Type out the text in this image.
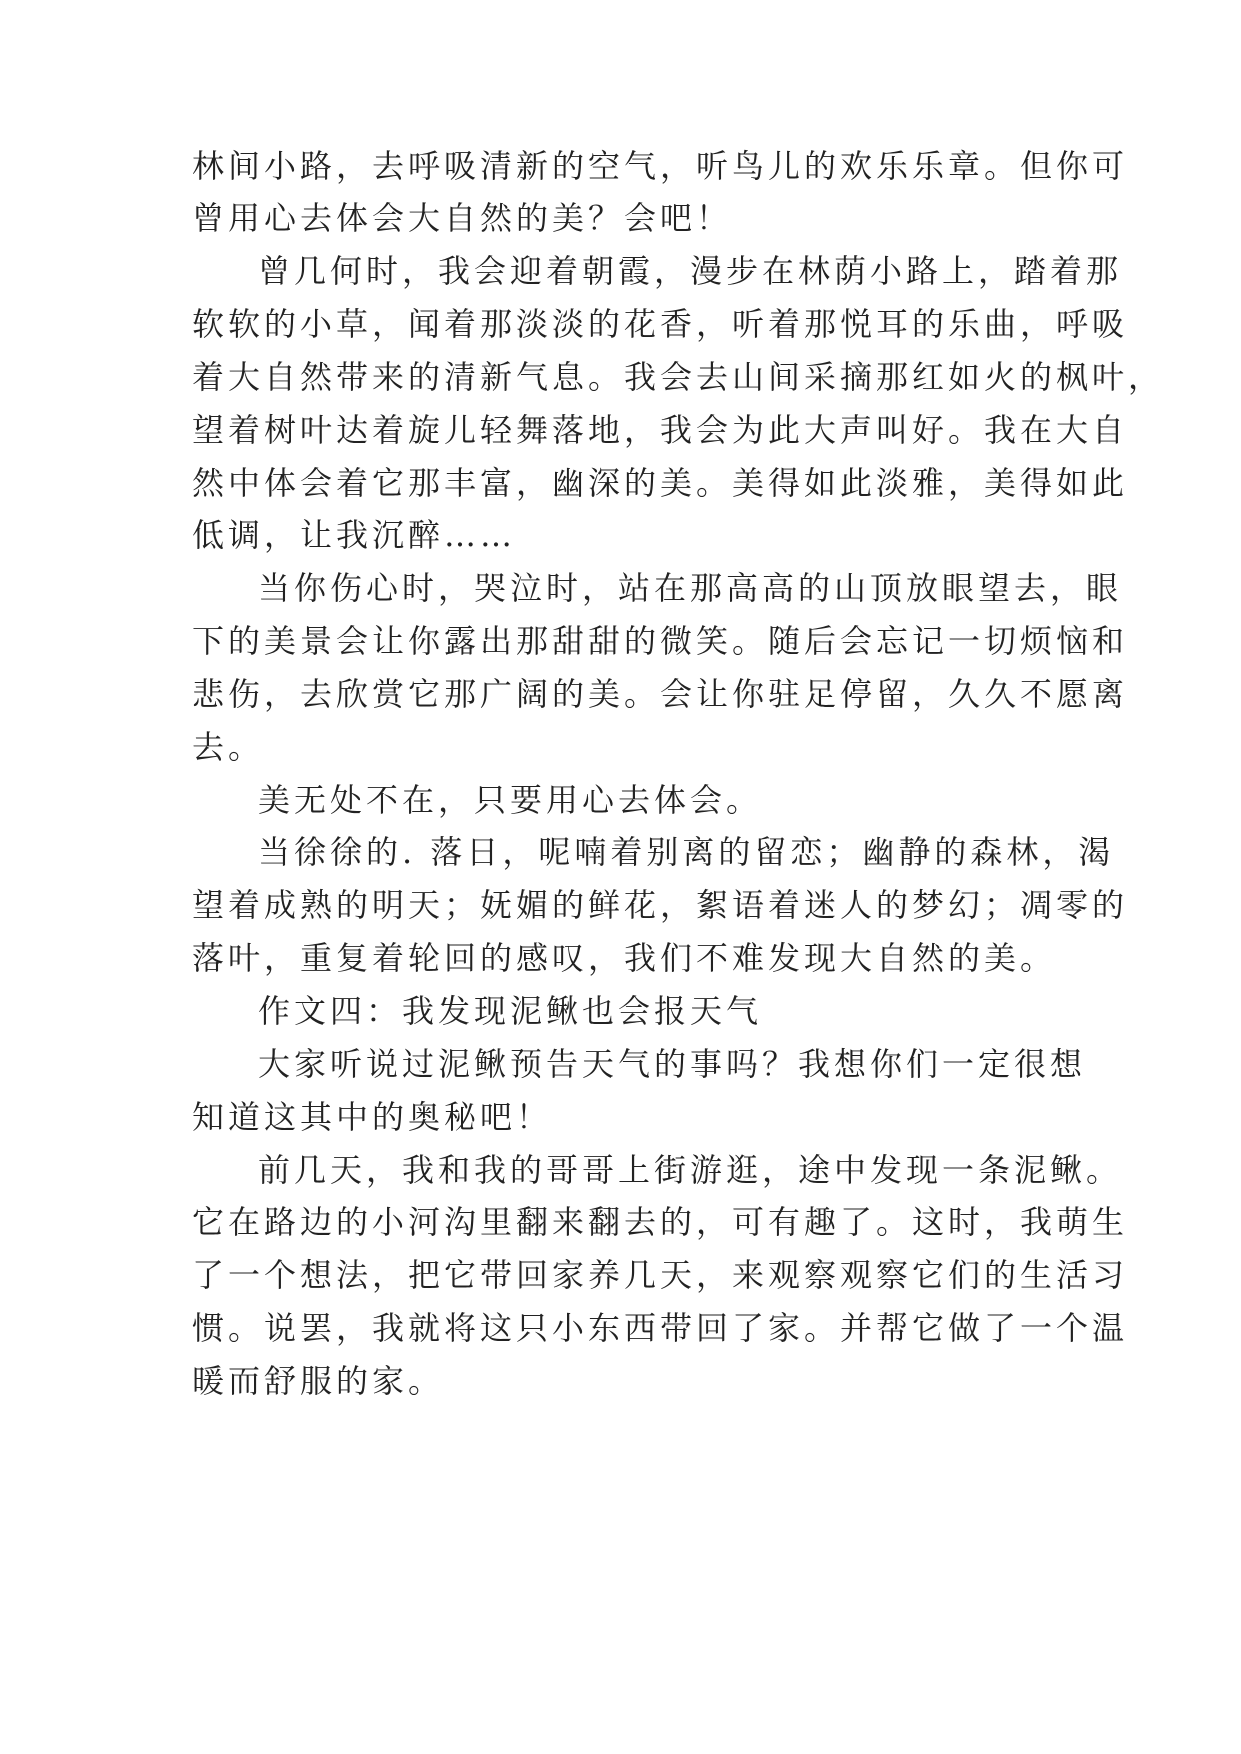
林间小路，去呼吸清新的空气，听鸟儿的欢乐乐章。但你可

曾用心去体会大自然的美？会吧！

曾几何时，我会迎着朝霞，漫步在林荫小路上，踏着那

软软的小草，闻着那淡淡的花香，听着那悦耳的乐曲，呼吸

着大自然带来的清新气息。我会去山间采摘那红如火的枫叶，

望着树叶达着旋儿轻舞落地，我会为此大声叫好。我在大自

然中体会着它那丰富，幽深的美。美得如此淡雅，美得如此

低调，让我沉醉……

当你伤心时，哭泣时，站在那高高的山顶放眼望去，眼

下的美景会让你露出那甜甜的微笑。随后会忘记一切烦恼和

悲伤，去欣赏它那广阔的美。会让你驻足停留，久久不愿离

去。

美无处不在，只要用心去体会。

当徐徐的. 落日，呢喃着别离的留恋；幽静的森林，渴

望着成熟的明天；妩媚的鲜花，絮语着迷人的梦幻；凋零的

落叶，重复着轮回的感叹，我们不难发现大自然的美。

作文四：我发现泥鳅也会报天气

大家听说过泥鳅预告天气的事吗？我想你们一定很想

知道这其中的奥秘吧！

前几天，我和我的哥哥上街游逛，途中发现一条泥鳅。

它在路边的小河沟里翻来翻去的，可有趣了。这时，我萌生

了一个想法，把它带回家养几天，来观察观察它们的生活习

惯。说罢，我就将这只小东西带回了家。并帮它做了一个温

暖而舒服的家。
